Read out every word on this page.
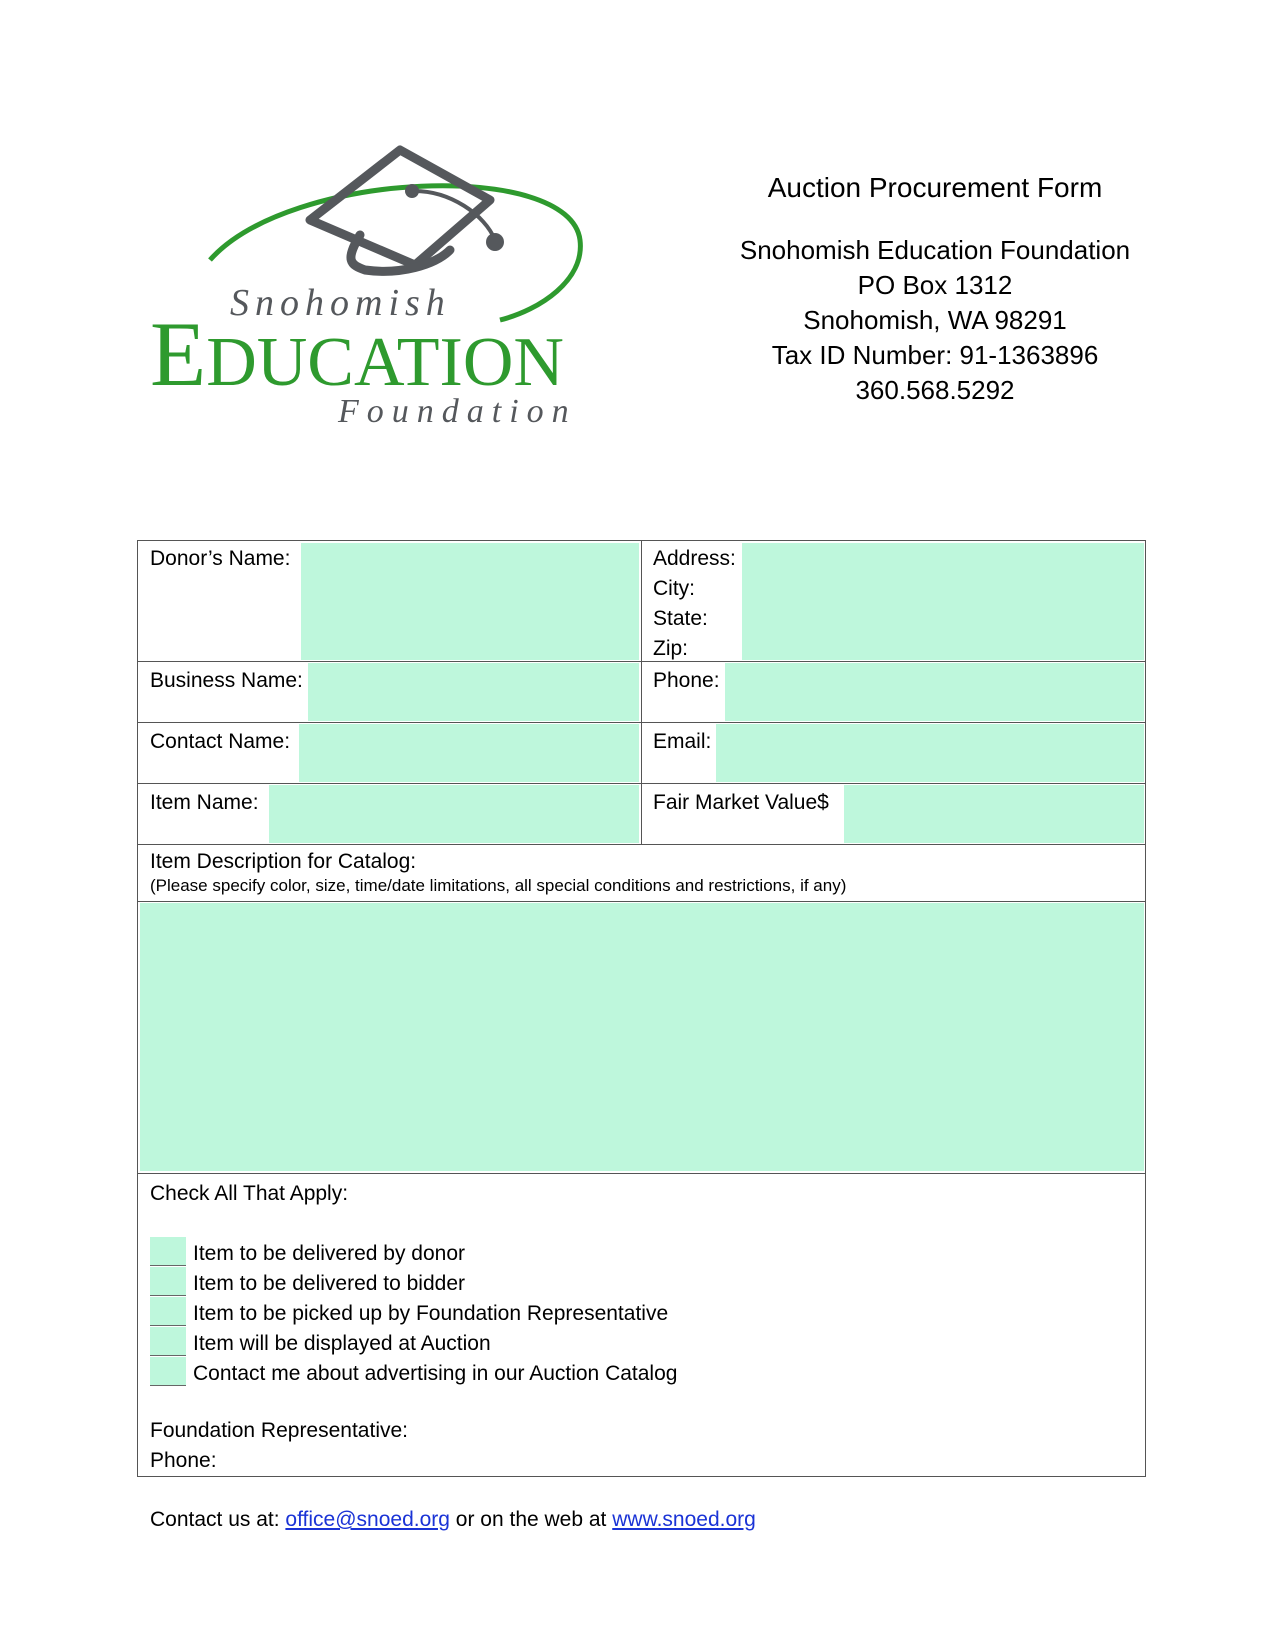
Snohomish
EDUCATION
Foundation
Auction Procurement Form
Snohomish Education Foundation
PO Box 1312
Snohomish, WA 98291
Tax ID Number: 91-1363896
360.568.5292
Donor’s Name:	Address:
City:
State:
Zip:
Business Name:	Phone:
Contact Name:	Email:
Item Name:	Fair Market Value$
Item Description for Catalog:
(Please specify color, size, time/date limitations, all special conditions and restrictions, if any)
Check All That Apply:
Item to be delivered by donor
Item to be delivered to bidder
Item to be picked up by Foundation Representative
Item will be displayed at Auction
Contact me about advertising in our Auction Catalog
Foundation Representative:
Phone:
Contact us at: office@snoed.org or on the web at www.snoed.org
